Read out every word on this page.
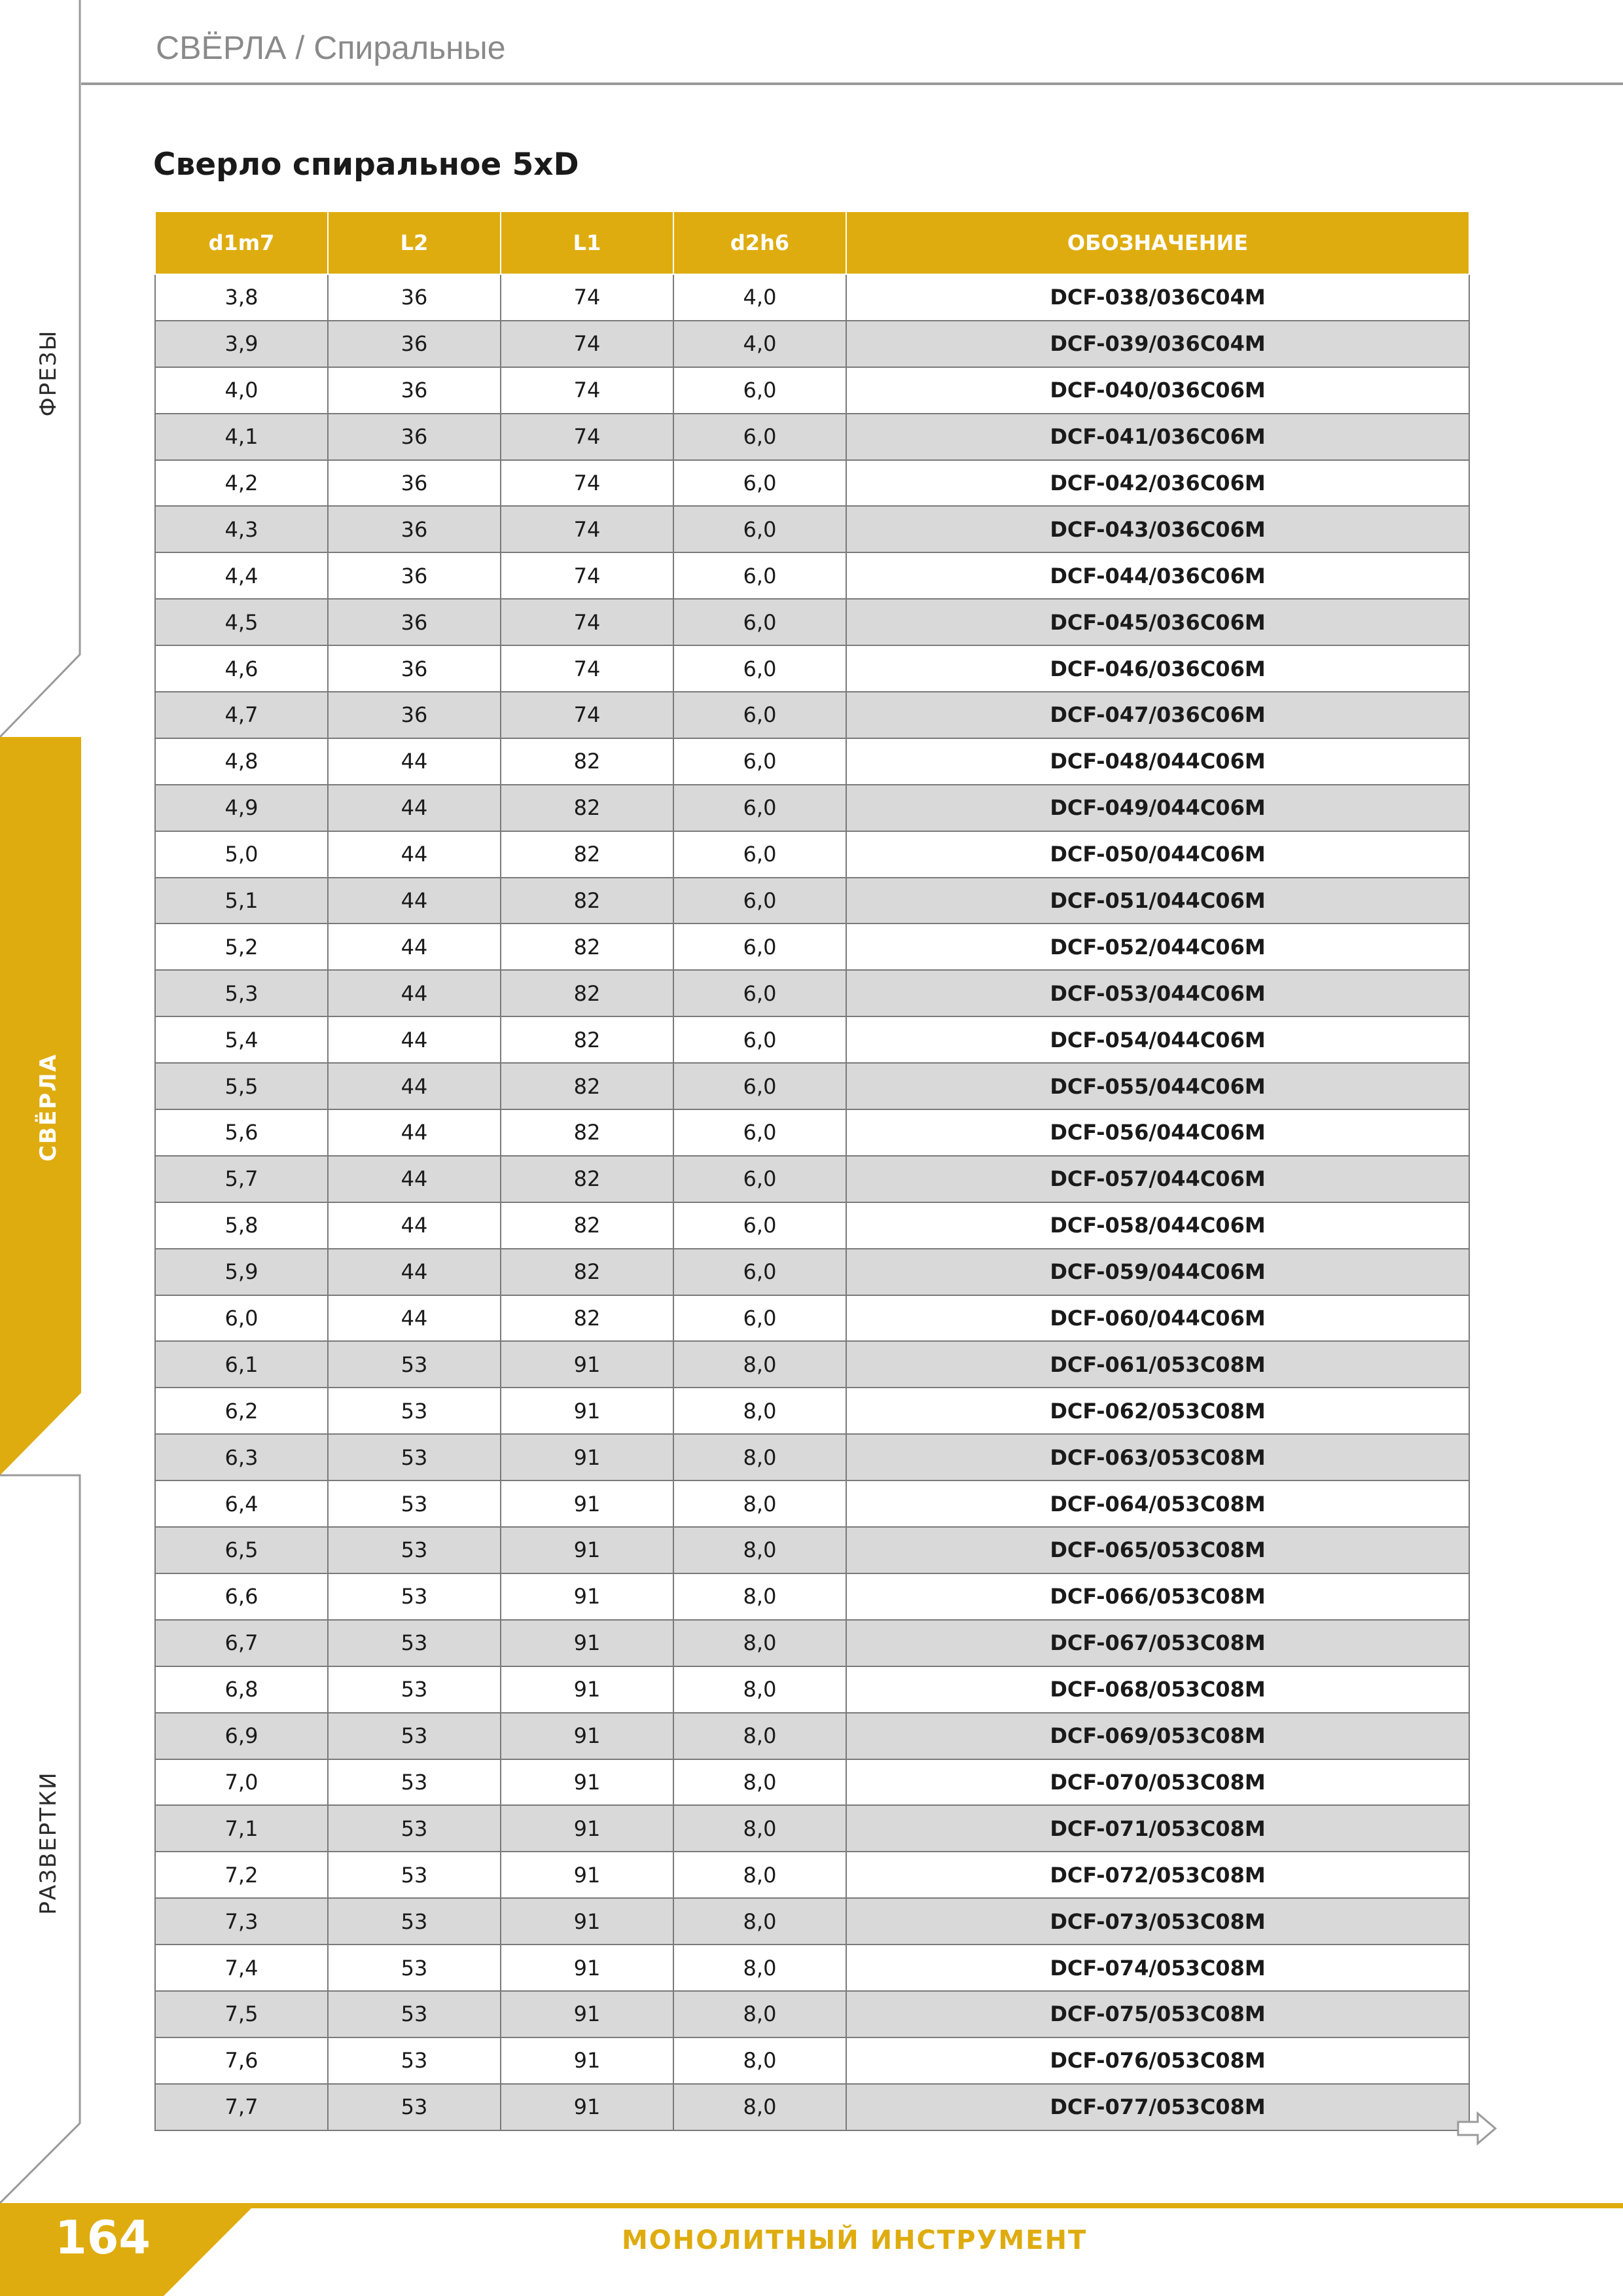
СВЁРЛА / Спиральные
ФРЕЗЫ
СВЁРЛА
РАЗВЕРТКИ
Сверло спиральное 5xD
d1m7	L2	L1	d2h6	ОБОЗНАЧЕНИЕ
3,8	36	74	4,0	DCF-038/036C04M
3,9	36	74	4,0	DCF-039/036C04M
4,0	36	74	6,0	DCF-040/036C06M
4,1	36	74	6,0	DCF-041/036C06M
4,2	36	74	6,0	DCF-042/036C06M
4,3	36	74	6,0	DCF-043/036C06M
4,4	36	74	6,0	DCF-044/036C06M
4,5	36	74	6,0	DCF-045/036C06M
4,6	36	74	6,0	DCF-046/036C06M
4,7	36	74	6,0	DCF-047/036C06M
4,8	44	82	6,0	DCF-048/044C06M
4,9	44	82	6,0	DCF-049/044C06M
5,0	44	82	6,0	DCF-050/044C06M
5,1	44	82	6,0	DCF-051/044C06M
5,2	44	82	6,0	DCF-052/044C06M
5,3	44	82	6,0	DCF-053/044C06M
5,4	44	82	6,0	DCF-054/044C06M
5,5	44	82	6,0	DCF-055/044C06M
5,6	44	82	6,0	DCF-056/044C06M
5,7	44	82	6,0	DCF-057/044C06M
5,8	44	82	6,0	DCF-058/044C06M
5,9	44	82	6,0	DCF-059/044C06M
6,0	44	82	6,0	DCF-060/044C06M
6,1	53	91	8,0	DCF-061/053C08M
6,2	53	91	8,0	DCF-062/053C08M
6,3	53	91	8,0	DCF-063/053C08M
6,4	53	91	8,0	DCF-064/053C08M
6,5	53	91	8,0	DCF-065/053C08M
6,6	53	91	8,0	DCF-066/053C08M
6,7	53	91	8,0	DCF-067/053C08M
6,8	53	91	8,0	DCF-068/053C08M
6,9	53	91	8,0	DCF-069/053C08M
7,0	53	91	8,0	DCF-070/053C08M
7,1	53	91	8,0	DCF-071/053C08M
7,2	53	91	8,0	DCF-072/053C08M
7,3	53	91	8,0	DCF-073/053C08M
7,4	53	91	8,0	DCF-074/053C08M
7,5	53	91	8,0	DCF-075/053C08M
7,6	53	91	8,0	DCF-076/053C08M
7,7	53	91	8,0	DCF-077/053C08M
164	МОНОЛИТНЫЙ ИНСТРУМЕНТ
